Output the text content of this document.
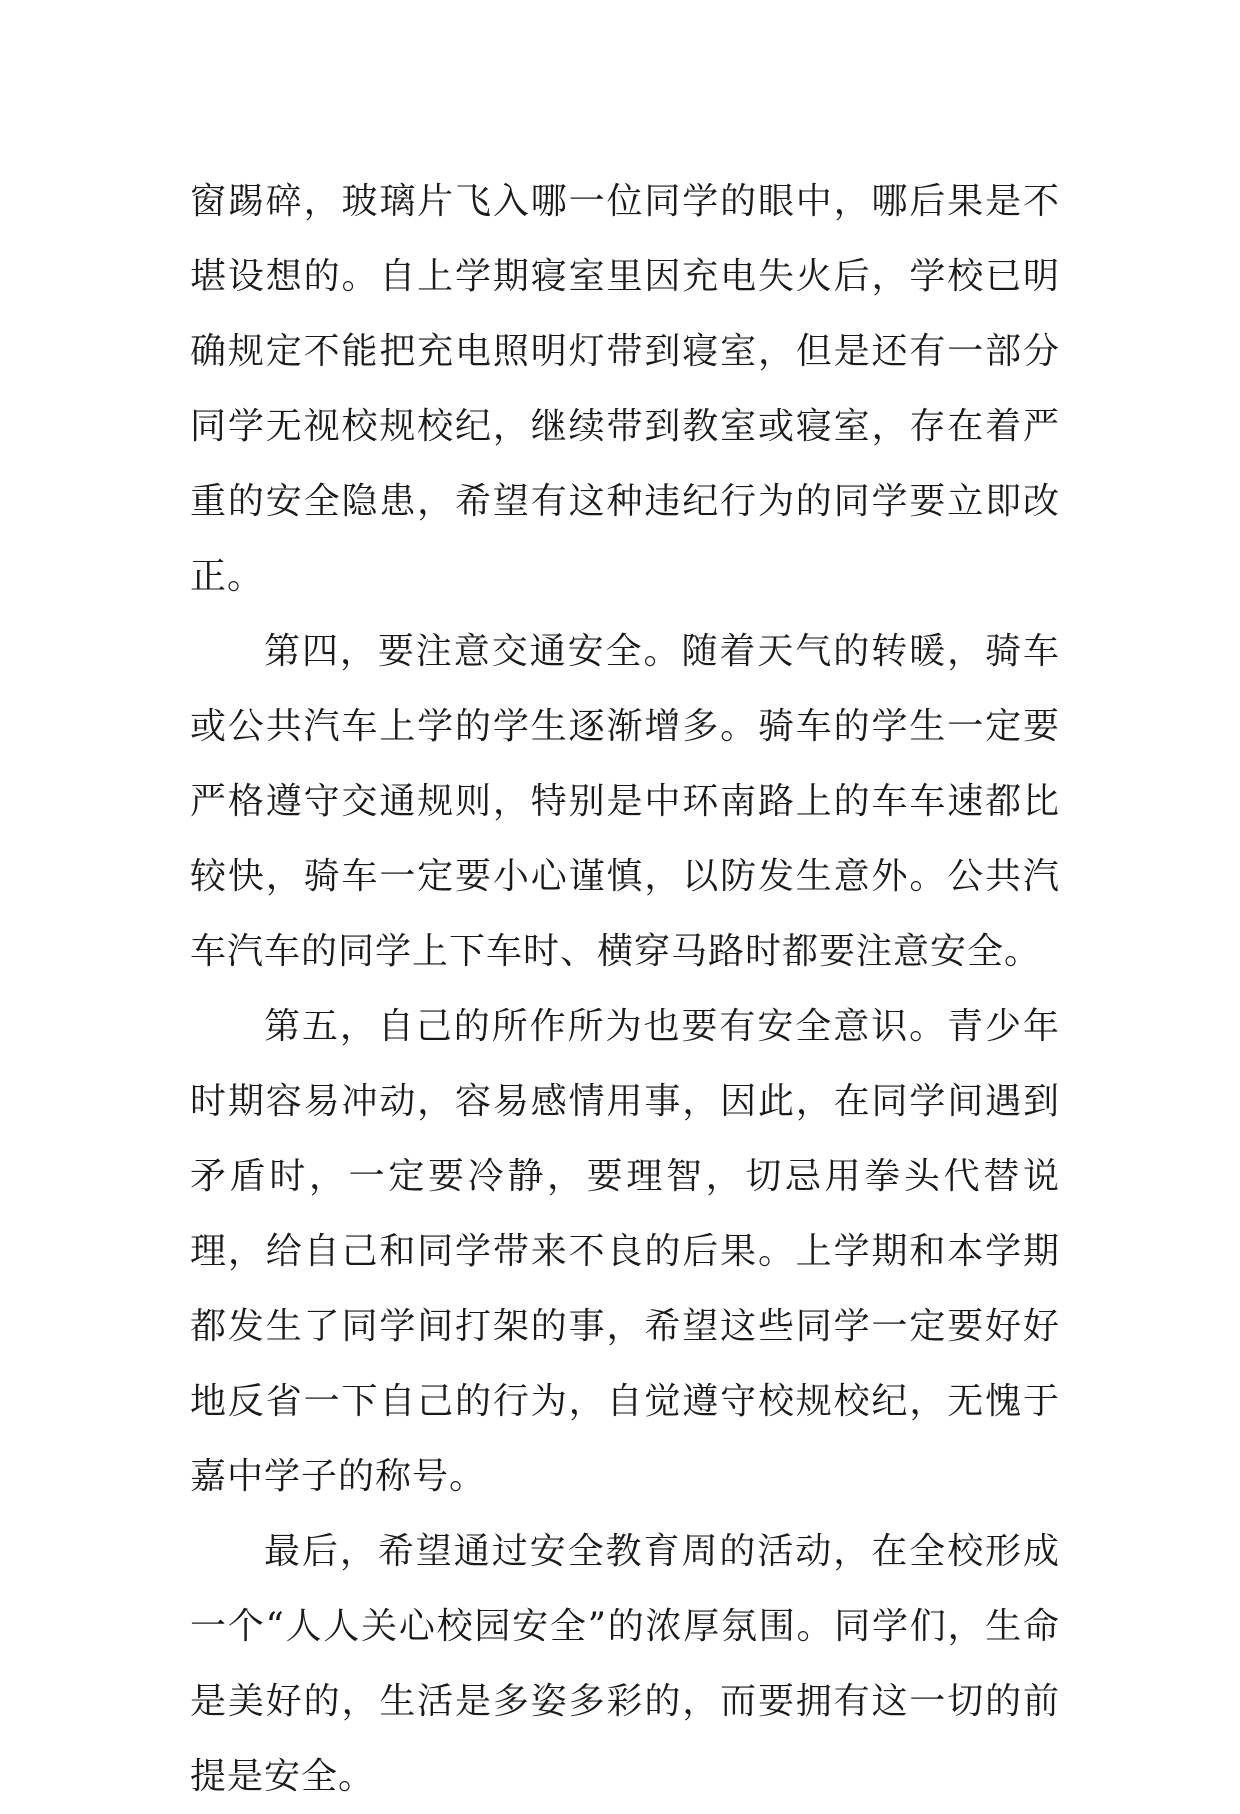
窗踢碎，玻璃片飞入哪一位同学的眼中，哪后果是不堪设想的。自上学期寝室里因充电失火后，学校已明确规定不能把充电照明灯带到寝室，但是还有一部分同学无视校规校纪，继续带到教室或寝室，存在着严重的安全隐患，希望有这种违纪行为的同学要立即改正。

第四，要注意交通安全。随着天气的转暖，骑车或公共汽车上学的学生逐渐增多。骑车的学生一定要严格遵守交通规则，特别是中环南路上的车车速都比较快，骑车一定要小心谨慎，以防发生意外。公共汽车汽车的同学上下车时、横穿马路时都要注意安全。

第五，自己的所作所为也要有安全意识。青少年时期容易冲动，容易感情用事，因此，在同学间遇到矛盾时，一定要冷静，要理智，切忌用拳头代替说理，给自己和同学带来不良的后果。上学期和本学期都发生了同学间打架的事，希望这些同学一定要好好地反省一下自己的行为，自觉遵守校规校纪，无愧于嘉中学子的称号。

最后，希望通过安全教育周的活动，在全校形成一个“人人关心校园安全”的浓厚氛围。同学们，生命是美好的，生活是多姿多彩的，而要拥有这一切的前提是安全。
